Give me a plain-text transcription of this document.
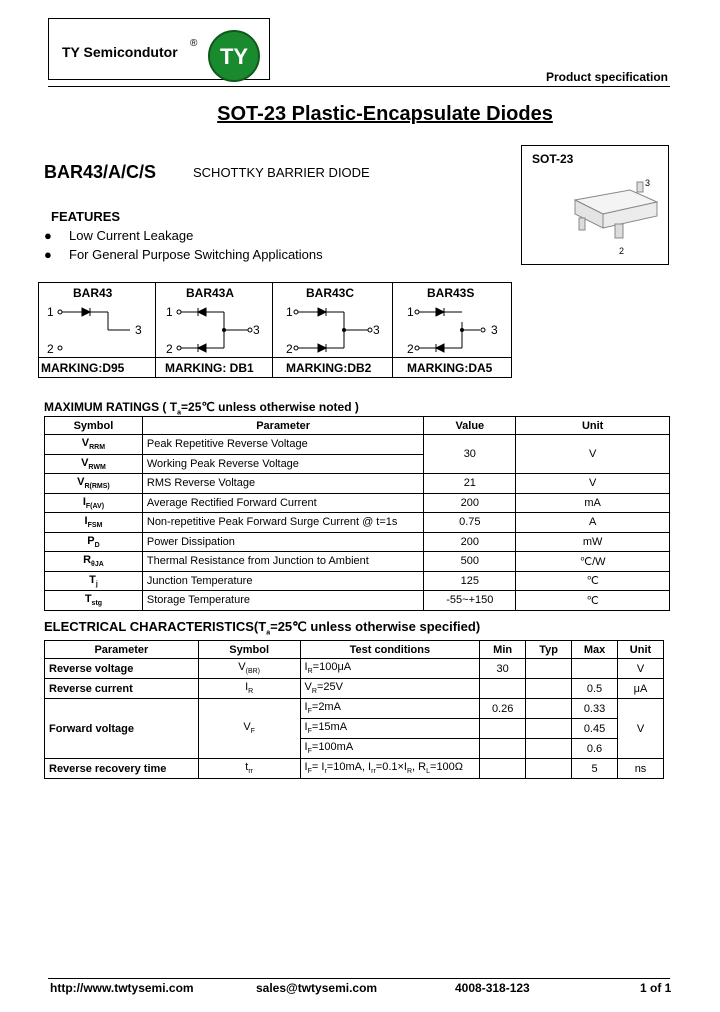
TY Semicondutor
®
TY
Product specification
SOT-23 Plastic-Encapsulate Diodes
BAR43/A/C/S	SCHOTTKY BARRIER DIODE
FEATURES
● Low Current Leakage
● For General Purpose Switching Applications
SOT-23
3
2
BAR43	BAR43A	BAR43C	BAR43S
MARKING:D95	MARKING: DB1	MARKING:DB2	MARKING:DA5
1
2
3
1
2
3
1
2
3
1
2
3
MAXIMUM RATINGS ( $T_a=25℃$ unless otherwise noted )
Symbol	Parameter	Value	Unit
$V_{RRM}$	Peak Repetitive Reverse Voltage	30	V
$V_{RWM}$	Working Peak Reverse Voltage		
$V_{R(RMS)}$	RMS Reverse Voltage	21	V
$I_{F(AV)}$	Average Rectified Forward Current	200	mA
$I_{FSM}$	Non-repetitive Peak Forward Surge Current @ t=1s	0.75	A
$P_D$	Power Dissipation	200	mW
$R_{\theta JA}$	Thermal Resistance from Junction to Ambient	500	℃/W
$T_j$	Junction Temperature	125	℃
$T_{stg}$	Storage Temperature	-55~+150	℃
ELECTRICAL $CHARACTERISTICS(T_a=25℃$ unless otherwise specified)
Parameter	Symbol	Test conditions	Min	Typ	Max	Unit
Reverse voltage	$V_{(BR)}$	$I_R=100\mu A$	30			V
Reverse current	$I_R$	$V_R=25V$			0.5	μA
Forward voltage	$V_F$	$I_F=2mA$	0.26		0.33	V
		$I_F=15mA$			0.45	
		$I_F=100mA$			0.6	
Reverse recovery time	$t_{rr}$	$I_F= I_r=10mA$, $I_{rr}=0.1\times I_R$, $R_L=100\Omega$			5	ns
http://www.twtysemi.com	sales@twtysemi.com	4008-318-123	1 of 1
